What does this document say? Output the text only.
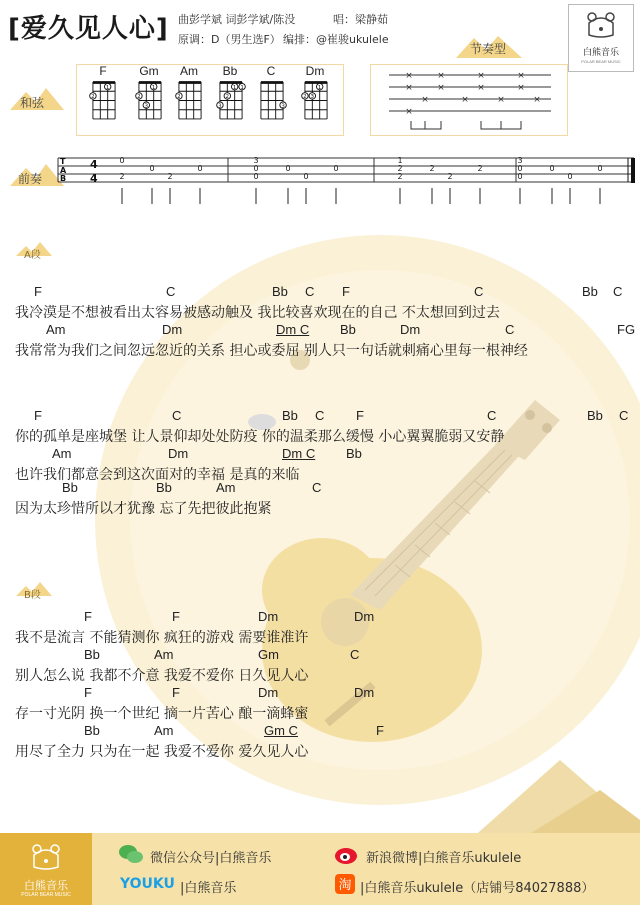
[爱久见人心] 曲彭学斌 词彭学斌/陈没	唱：梁静茹
原调：D（男生选F） 编排：@崔骏ukulele
白熊音乐
POLAR BEAR MUSIC
和弦
节奏型
前奏
F
2
1
Gm
2
3
1
Am
2
Bb
3
2
1 1
C
3
Dm
2 3
1
×	×	×	×
×	×	×	×
×	×	×	×
×
T
A
B
4
4
0
2
0
2
0
3
0
0
0
0
0
1
2
2
2
2
2
3
0
0
0
0
0
A段
B段
F	C	Bb C F	C	Bb C
我冷漠是不想被看出太容易被感动触及 我比较喜欢现在的自己 不太想回到过去
Am	Dm	Dm C Bb	Dm	C	FG
我常常为我们之间忽远忽近的关系 担心或委屈 别人只一句话就刺痛心里每一根神经
F	C	Bb C F	C	Bb C
你的孤单是座城堡 让人景仰却处处防疫 你的温柔那么缓慢 小心翼翼脆弱又安静
Am	Dm	Dm C Bb
也许我们都意会到这次面对的幸福 是真的来临
Bb	Bb	Am	C
因为太珍惜所以才犹豫 忘了先把彼此抱紧
F	F	Dm	Dm
我不是流言 不能猜测你 疯狂的游戏 需要谁准许
Bb	Am	Gm	C
别人怎么说 我都不介意 我爱不爱你 日久见人心
F	F	Dm	Dm
存一寸光阴 换一个世纪 摘一片苦心 酿一滴蜂蜜
Bb	Am	Gm C	F
用尽了全力 只为在一起 我爱不爱你 爱久见人心
白熊音乐
POLAR BEAR MUSIC
微信公众号|白熊音乐	新浪微博|白熊音乐ukulele
YOUKU |白熊音乐	淘 |白熊音乐ukulele（店铺号84027888）
